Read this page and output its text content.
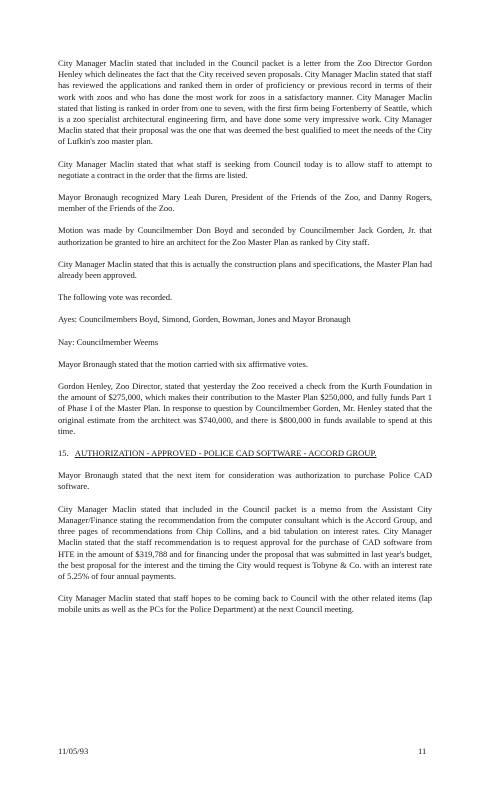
City Manager Maclin stated that included in the Council packet is a letter from the Zoo Director Gordon Henley which delineates the fact that the City received seven proposals. City Manager Maclin stated that staff has reviewed the applications and ranked them in order of proficiency or previous record in terms of their work with zoos and who has done the most work for zoos in a satisfactory manner. City Manager Maclin stated that listing is ranked in order from one to seven, with the first firm being Fortenberry of Seattle, which is a zoo specialist architectural engineering firm, and have done some very impressive work. City Manager Maclin stated that their proposal was the one that was deemed the best qualified to meet the needs of the City of Lufkin's zoo master plan.

City Manager Maclin stated that what staff is seeking from Council today is to allow staff to attempt to negotiate a contract in the order that the firms are listed.

Mayor Bronaugh recognized Mary Leah Duren, President of the Friends of the Zoo, and Danny Rogers, member of the Friends of the Zoo.

Motion was made by Councilmember Don Boyd and seconded by Councilmember Jack Gorden, Jr. that authorization be granted to hire an architect for the Zoo Master Plan as ranked by City staff.

City Manager Maclin stated that this is actually the construction plans and specifications, the Master Plan had already been approved.

The following vote was recorded.

Ayes: Councilmembers Boyd, Simond, Gorden, Bowman, Jones and Mayor Bronaugh

Nay: Councilmember Weems

Mayor Bronaugh stated that the motion carried with six affirmative votes.

Gordon Henley, Zoo Director, stated that yesterday the Zoo received a check from the Kurth Foundation in the amount of $275,000, which makes their contribution to the Master Plan $250,000, and fully funds Part 1 of Phase I of the Master Plan. In response to question by Councilmember Gorden, Mr. Henley stated that the original estimate from the architect was $740,000, and there is $800,000 in funds available to spend at this time.

15. AUTHORIZATION - APPROVED - POLICE CAD SOFTWARE - ACCORD GROUP.

Mayor Bronaugh stated that the next item for consideration was authorization to purchase Police CAD software.

City Manager Maclin stated that included in the Council packet is a memo from the Assistant City Manager/Finance stating the recommendation from the computer consultant which is the Accord Group, and three pages of recommendations from Chip Collins, and a bid tabulation on interest rates. City Manager Maclin stated that the staff recommendation is to request approval for the purchase of CAD software from HTE in the amount of $319,788 and for financing under the proposal that was submitted in last year's budget, the best proposal for the interest and the timing the City would request is Tobyne & Co. with an interest rate of 5.25% of four annual payments.

City Manager Maclin stated that staff hopes to be coming back to Council with the other related items (lap mobile units as well as the PCs for the Police Department) at the next Council meeting.

11/05/93	11
